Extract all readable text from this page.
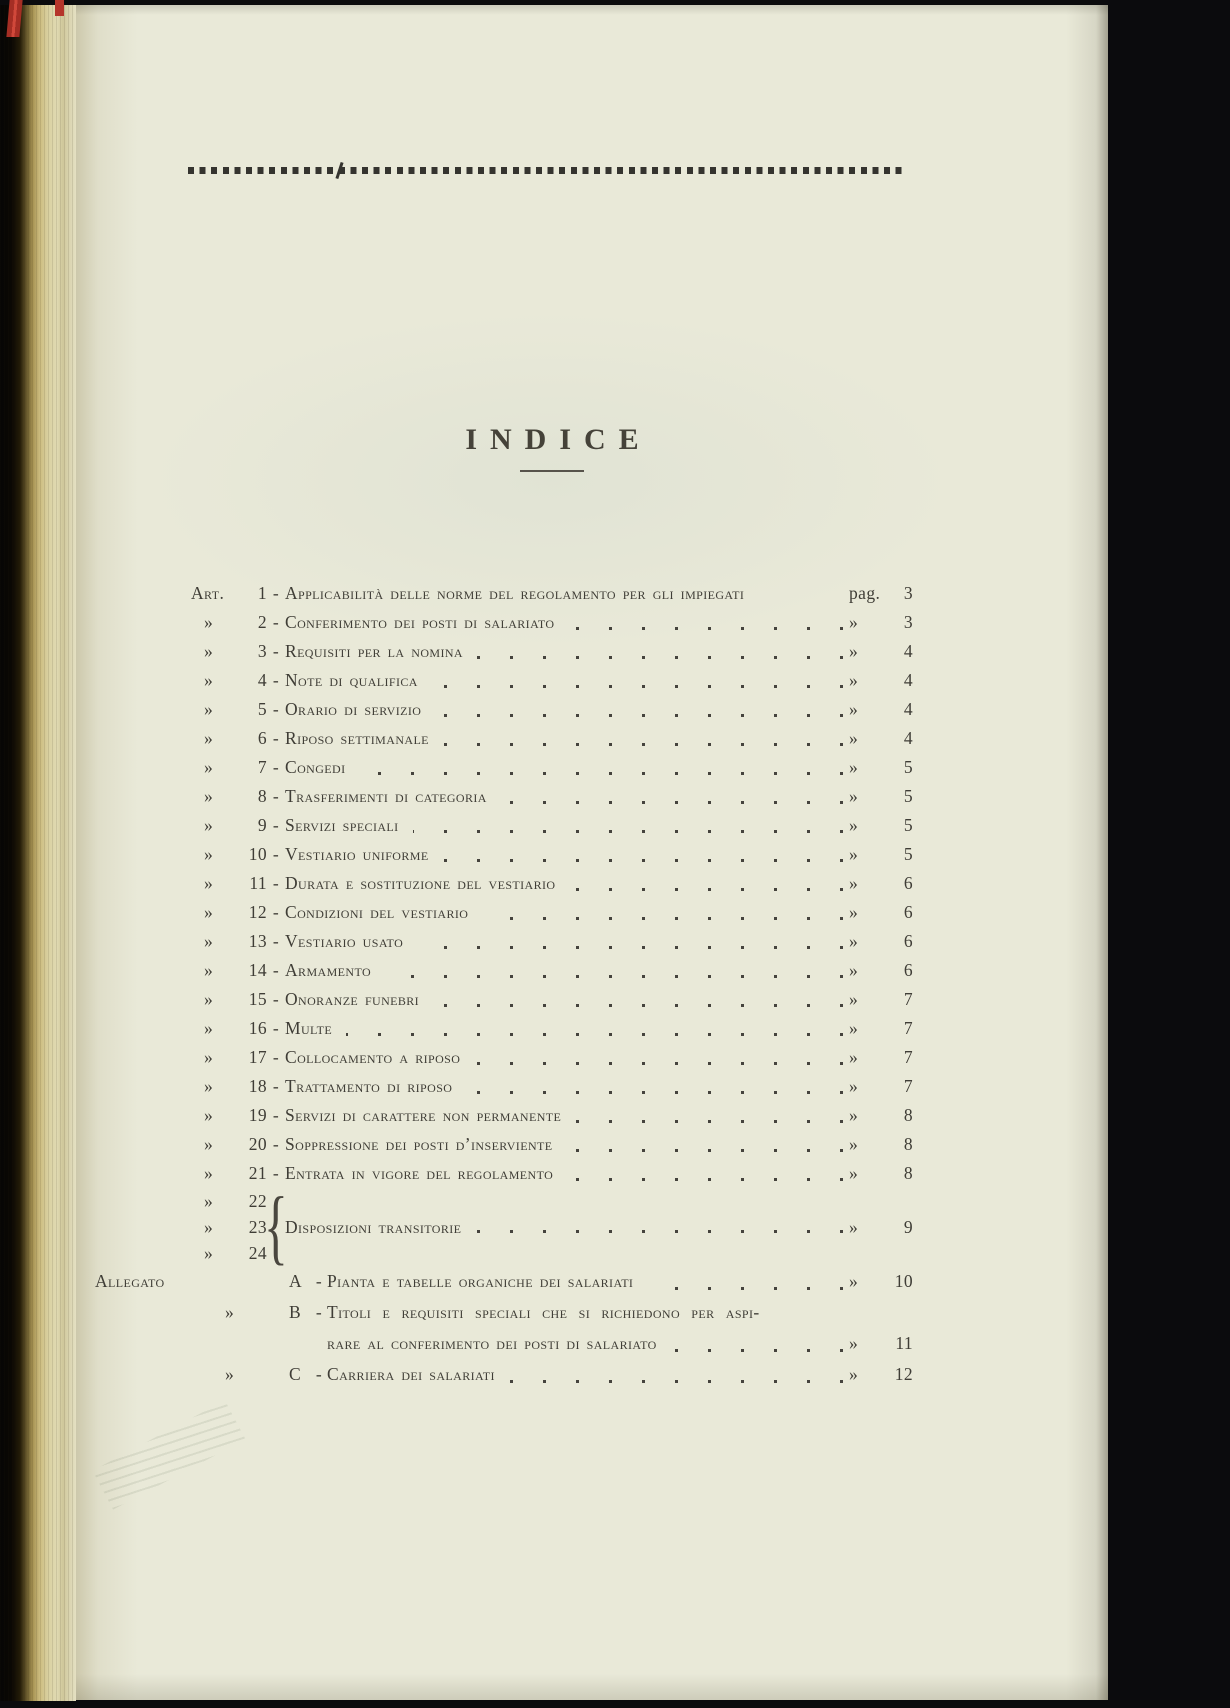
INDICE
Art.	1 - Applicabilità delle norme del regolamento per gli impiegati	pag.	3
»	2 - Conferimento dei posti di salariato	»	3
»	3 - Requisiti per la nomina	»	4
»	4 - Note di qualifica	»	4
»	5 - Orario di servizio	»	4
»	6 - Riposo settimanale	»	4
»	7 - Congedi	»	5
»	8 - Trasferimenti di categoria	»	5
»	9 - Servizi speciali	»	5
»	10 - Vestiario uniforme	»	5
»	11 - Durata e sostituzione del vestiario	»	6
»	12 - Condizioni del vestiario	»	6
»	13 - Vestiario usato	»	6
»	14 - Armamento	»	6
»	15 - Onoranze funebri	»	7
»	16 - Multe	»	7
»	17 - Collocamento a riposo	»	7
»	18 - Trattamento di riposo	»	7
»	19 - Servizi di carattere non permanente	»	8
»	20 - Soppressione dei posti d’inserviente	»	8
»	21 - Entrata in vigore del regolamento	»	8
»	22
»	23
»	24
{
Disposizioni transitorie	»	9
Allegato	A - Pianta e tabelle organiche dei salariati	»	10
»	B - Titoli e requisiti speciali che si richiedono per aspi-
rare al conferimento dei posti di salariato	»	11
»	C - Carriera dei salariati	»	12
